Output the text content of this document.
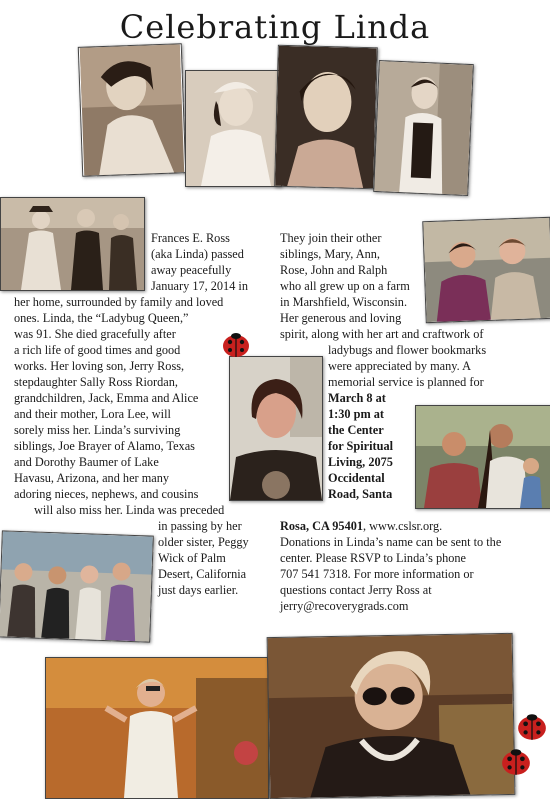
Celebrating Linda
Frances E. Ross
(aka Linda) passed
away peacefully
January 17, 2014 in
her home, surrounded by family and loved
ones. Linda, the “Ladybug Queen,”
was 91. She died gracefully after
a rich life of good times and good
works. Her loving son, Jerry Ross,
stepdaughter Sally Ross Riordan,
grandchildren, Jack, Emma and Alice
and their mother, Lora Lee, will
sorely miss her. Linda’s surviving
siblings, Joe Brayer of Alamo, Texas
and Dorothy Baumer of Lake
Havasu, Arizona, and her many
adoring nieces, nephews, and cousins
will also miss her. Linda was preceded
in passing by her
older sister, Peggy
Wick of Palm
Desert, California
just days earlier.
They join their other
siblings, Mary, Ann,
Rose, John and Ralph
who all grew up on a farm
in Marshfield, Wisconsin.
Her generous and loving
spirit, along with her art and craftwork of
ladybugs and flower bookmarks
were appreciated by many. A
memorial service is planned for
March 8 at
1:30 pm at
the Center
for Spiritual
Living, 2075
Occidental
Road, Santa
Rosa, CA 95401, www.cslsr.org.
Donations in Linda’s name can be sent to the
center. Please RSVP to Linda’s phone
707 541 7318. For more information or
questions contact Jerry Ross at
jerry@recoverygrads.com
